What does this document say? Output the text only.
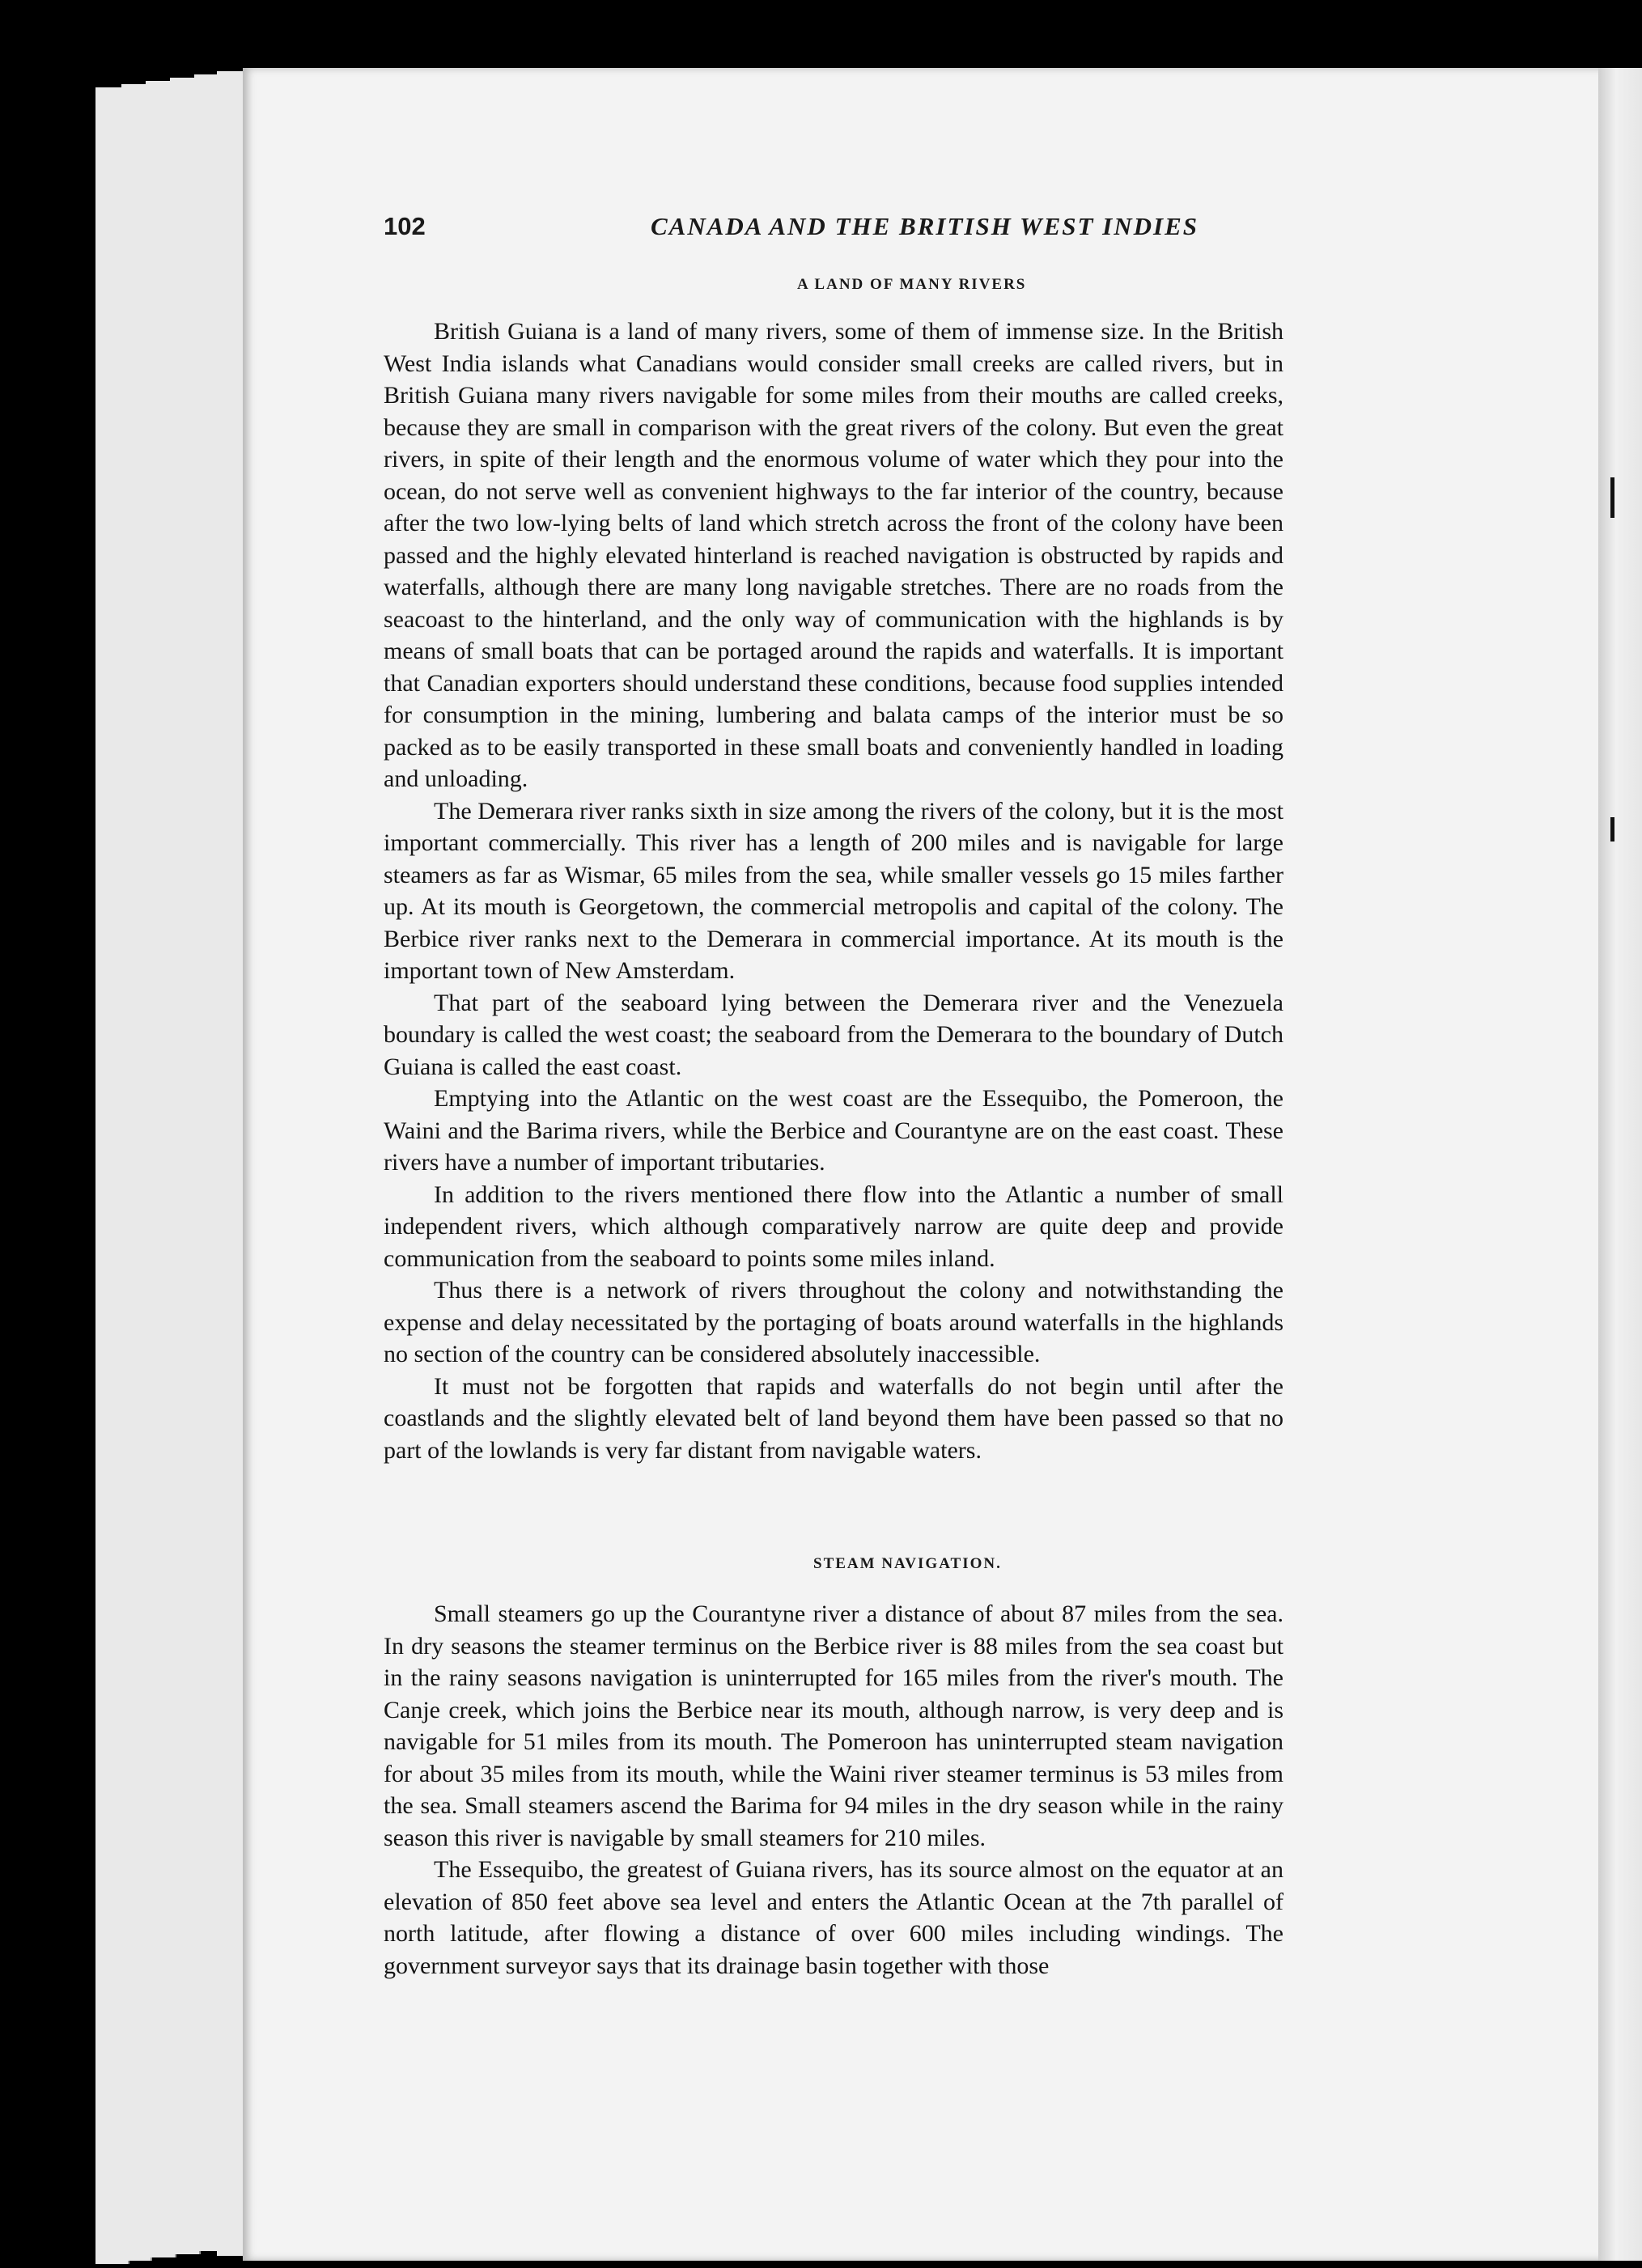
102	CANADA AND THE BRITISH WEST INDIES
A LAND OF MANY RIVERS

British Guiana is a land of many rivers, some of them of immense size. In the British West India islands what Canadians would consider small creeks are called rivers, but in British Guiana many rivers navigable for some miles from their mouths are called creeks, because they are small in comparison with the great rivers of the colony. But even the great rivers, in spite of their length and the enormous volume of water which they pour into the ocean, do not serve well as convenient highways to the far interior of the country, because after the two low-lying belts of land which stretch across the front of the colony have been passed and the highly elevated hinterland is reached navigation is obstructed by rapids and waterfalls, although there are many long navigable stretches. There are no roads from the seacoast to the hinterland, and the only way of communication with the highlands is by means of small boats that can be portaged around the rapids and waterfalls. It is important that Canadian exporters should understand these conditions, because food supplies intended for consumption in the mining, lumbering and balata camps of the interior must be so packed as to be easily transported in these small boats and conveniently handled in loading and unloading.

The Demerara river ranks sixth in size among the rivers of the colony, but it is the most important commercially. This river has a length of 200 miles and is navigable for large steamers as far as Wismar, 65 miles from the sea, while smaller vessels go 15 miles farther up. At its mouth is Georgetown, the commercial metropolis and capital of the colony. The Berbice river ranks next to the Demerara in commercial importance. At its mouth is the important town of New Amsterdam.

That part of the seaboard lying between the Demerara river and the Venezuela boundary is called the west coast; the seaboard from the Demerara to the boundary of Dutch Guiana is called the east coast.

Emptying into the Atlantic on the west coast are the Essequibo, the Pomeroon, the Waini and the Barima rivers, while the Berbice and Courantyne are on the east coast. These rivers have a number of important tributaries.

In addition to the rivers mentioned there flow into the Atlantic a number of small independent rivers, which although comparatively narrow are quite deep and provide communication from the seaboard to points some miles inland.

Thus there is a network of rivers throughout the colony and notwithstanding the expense and delay necessitated by the portaging of boats around waterfalls in the highlands no section of the country can be considered absolutely inaccessible.

It must not be forgotten that rapids and waterfalls do not begin until after the coastlands and the slightly elevated belt of land beyond them have been passed so that no part of the lowlands is very far distant from navigable waters.

STEAM NAVIGATION.

Small steamers go up the Courantyne river a distance of about 87 miles from the sea. In dry seasons the steamer terminus on the Berbice river is 88 miles from the sea coast but in the rainy seasons navigation is uninterrupted for 165 miles from the river's mouth. The Canje creek, which joins the Berbice near its mouth, although narrow, is very deep and is navigable for 51 miles from its mouth. The Pomeroon has uninterrupted steam navigation for about 35 miles from its mouth, while the Waini river steamer terminus is 53 miles from the sea. Small steamers ascend the Barima for 94 miles in the dry season while in the rainy season this river is navigable by small steamers for 210 miles.

The Essequibo, the greatest of Guiana rivers, has its source almost on the equator at an elevation of 850 feet above sea level and enters the Atlantic Ocean at the 7th parallel of north latitude, after flowing a distance of over 600 miles including windings. The government surveyor says that its drainage basin together with those
